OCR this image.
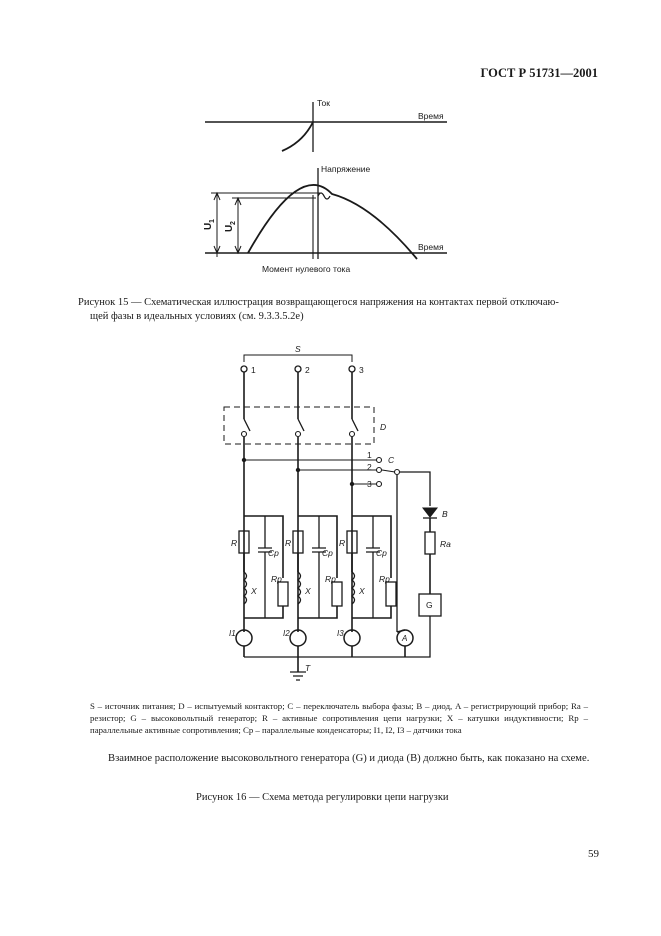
ГОСТ Р 51731—2001
Ток
Время
Напряжение
Время
Момент нулевого тока
U
1
U
2
S
1	2	3
D
1
2
3
C
B
Ra
G
R
Cp
Rp
X
R
Cp
Rp
X
R
Cp
Rp
X
I1	I2	I3
A
T
Рисунок 15 — Схематическая иллюстрация возвращающегося напряжения на контактах первой отключаю-
щей фазы в идеальных условиях (см. 9.3.3.5.2е)
S – источник питания; D – испытуемый контактор; C – переключатель выбора фазы; B – диод, A – регистрирующий прибор; Ra – резистор; G – высоковольтный генератор; R – активные сопротивления цепи нагрузки; X – катушки индуктивности; Rp – параллельные активные сопротивления; Cp – параллельные конденсаторы; I1, I2, I3 – датчики тока
Взаимное расположение высоковольтного генератора (G) и диода (B) должно быть, как показано на схеме.
Рисунок 16 — Схема метода регулировки цепи нагрузки
59
